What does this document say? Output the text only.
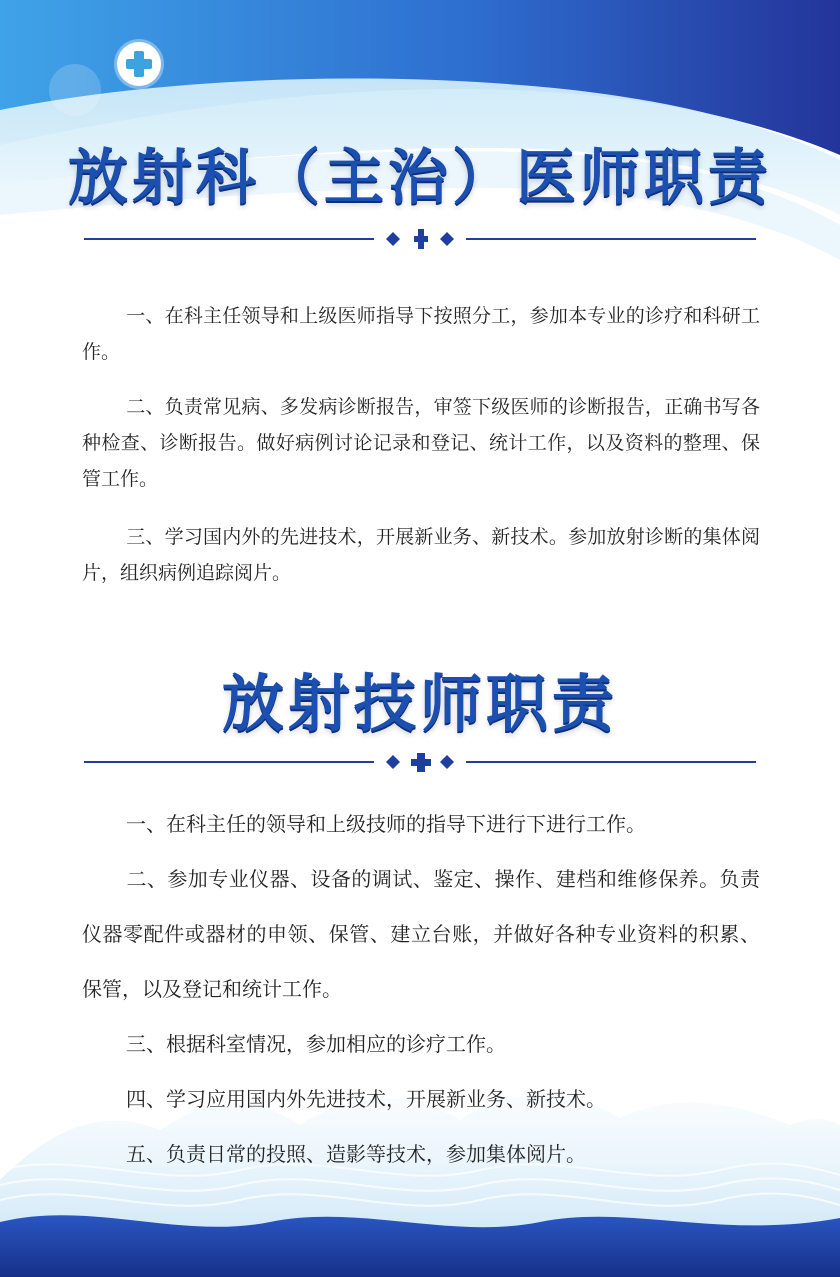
放射科（主治）医师职责

一、在科主任领导和上级医师指导下按照分工，参加本专业的诊疗和科研工作。

二、负责常见病、多发病诊断报告，审签下级医师的诊断报告，正确书写各种检查、诊断报告。做好病例讨论记录和登记、统计工作，以及资料的整理、保管工作。

三、学习国内外的先进技术，开展新业务、新技术。参加放射诊断的集体阅片，组织病例追踪阅片。

放射技师职责

一、在科主任的领导和上级技师的指导下进行下进行工作。

二、参加专业仪器、设备的调试、鉴定、操作、建档和维修保养。负责仪器零配件或器材的申领、保管、建立台账，并做好各种专业资料的积累、保管，以及登记和统计工作。

三、根据科室情况，参加相应的诊疗工作。

四、学习应用国内外先进技术，开展新业务、新技术。

五、负责日常的投照、造影等技术，参加集体阅片。
